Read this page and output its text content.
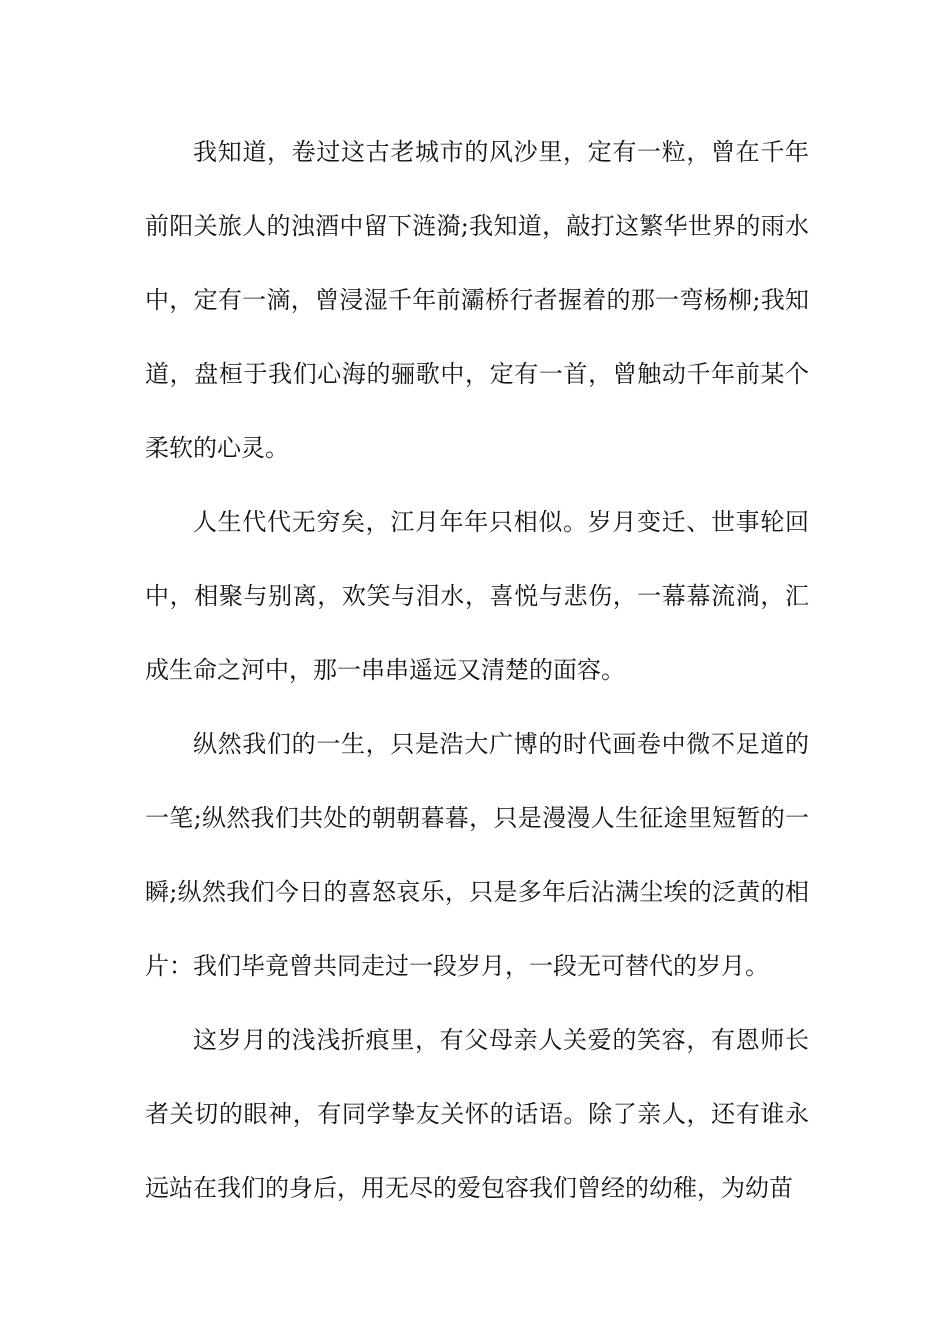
我知道，卷过这古老城市的风沙里，定有一粒，曾在千年前阳关旅人的浊酒中留下涟漪;我知道，敲打这繁华世界的雨水中，定有一滴，曾浸湿千年前灞桥行者握着的那一弯杨柳;我知道，盘桓于我们心海的骊歌中，定有一首，曾触动千年前某个柔软的心灵。

人生代代无穷矣，江月年年只相似。岁月变迁、世事轮回中，相聚与别离，欢笑与泪水，喜悦与悲伤，一幕幕流淌，汇成生命之河中，那一串串遥远又清楚的面容。

纵然我们的一生，只是浩大广博的时代画卷中微不足道的一笔;纵然我们共处的朝朝暮暮，只是漫漫人生征途里短暂的一瞬;纵然我们今日的喜怒哀乐，只是多年后沾满尘埃的泛黄的相片：我们毕竟曾共同走过一段岁月，一段无可替代的岁月。

这岁月的浅浅折痕里，有父母亲人关爱的笑容，有恩师长者关切的眼神，有同学挚友关怀的话语。除了亲人，还有谁永远站在我们的身后，用无尽的爱包容我们曾经的幼稚，为幼苗
